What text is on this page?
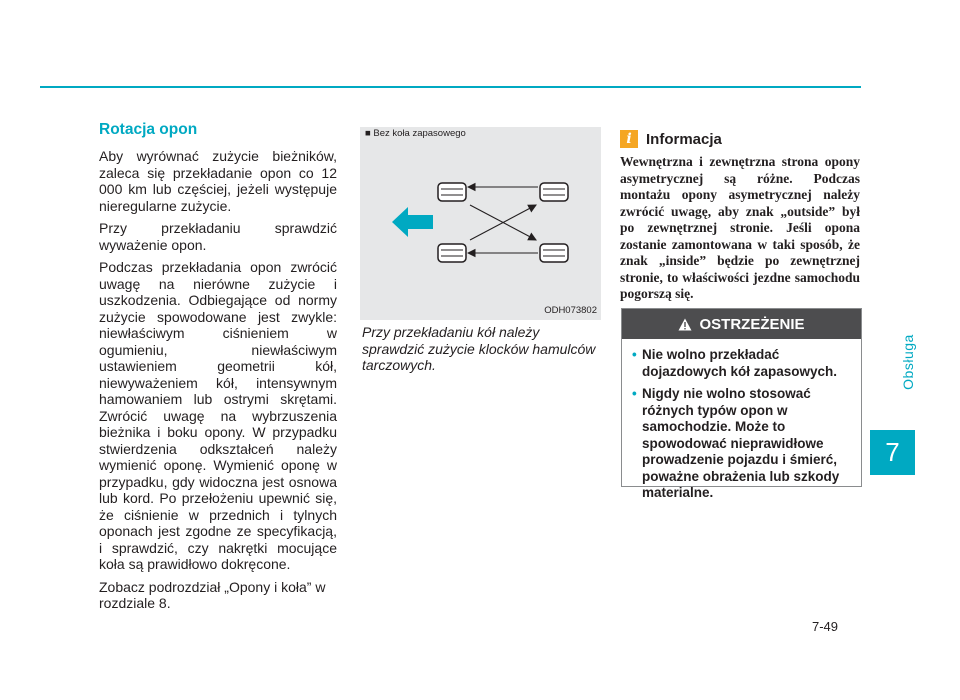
Obsługa
7
7-49
Rotacja opon

Aby wyrównać zużycie bieżników, zaleca się przekładanie opon co 12 000 km lub częściej, jeżeli występuje nieregularne zużycie.

Przy przekładaniu sprawdzić wyważenie opon.

Podczas przekładania opon zwrócić uwagę na nierówne zużycie i uszkodzenia. Odbiegające od normy zużycie spowodowane jest zwykle: niewłaściwym ciśnieniem w ogumieniu, niewłaściwym ustawieniem geometrii kół, niewyważeniem kół, intensywnym hamowaniem lub ostrymi skrętami. Zwrócić uwagę na wybrzuszenia bieżnika i boku opony. W przypadku stwierdzenia odkształceń należy wymienić oponę. Wymienić oponę w przypadku, gdy widoczna jest osnowa lub kord. Po przełożeniu upewnić się, że ciśnienie w przednich i tylnych oponach jest zgodne ze specyfikacją, i sprawdzić, czy nakrętki mocujące koła są prawidłowo dokręcone.

Zobacz podrozdział „Opony i koła” w rozdziale 8.

■ Bez koła zapasowego
ODH073802

Przy przekładaniu kół należy sprawdzić zużycie klocków hamulców tarczowych.

i Informacja

Wewnętrzna i zewnętrzna strona opony asymetrycznej są różne. Podczas montażu opony asymetrycznej należy zwrócić uwagę, aby znak „outside” był po zewnętrznej stronie. Jeśli opona zostanie zamontowana w taki sposób, że znak „inside” będzie po zewnętrznej stronie, to właściwości jezdne samochodu pogorszą się.

OSTRZEŻENIE
• Nie wolno przekładać dojazdowych kół zapasowych.
• Nigdy nie wolno stosować różnych typów opon w samochodzie. Może to spowodować nieprawidłowe prowadzenie pojazdu i śmierć, poważne obrażenia lub szkody materialne.
